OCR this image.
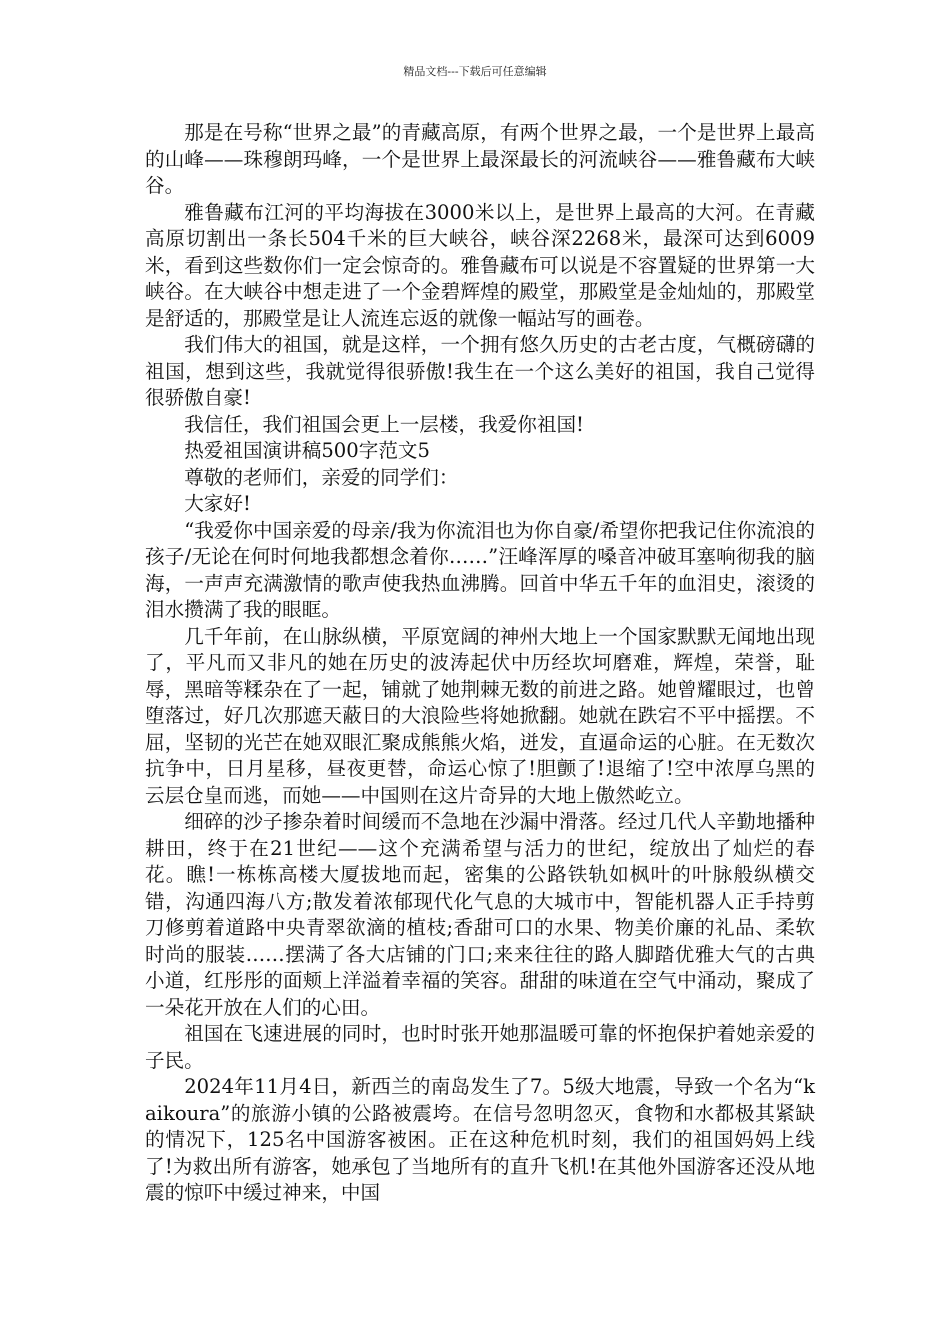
精品文档---下载后可任意编辑

那是在号称“世界之最”的青藏高原，有两个世界之最，一个是世界上最高的山峰——珠穆朗玛峰，一个是世界上最深最长的河流峡谷——雅鲁藏布大峡谷。

雅鲁藏布江河的平均海拔在3000米以上，是世界上最高的大河。在青藏高原切割出一条长504千米的巨大峡谷，峡谷深2268米，最深可达到6009米，看到这些数你们一定会惊奇的。雅鲁藏布可以说是不容置疑的世界第一大峡谷。在大峡谷中想走进了一个金碧辉煌的殿堂，那殿堂是金灿灿的，那殿堂是舒适的，那殿堂是让人流连忘返的就像一幅站写的画卷。

我们伟大的祖国，就是这样，一个拥有悠久历史的古老古度，气概磅礴的祖国，想到这些，我就觉得很骄傲!我生在一个这么美好的祖国，我自己觉得很骄傲自豪!

我信任，我们祖国会更上一层楼，我爱你祖国!

热爱祖国演讲稿500字范文5

尊敬的老师们，亲爱的同学们：

大家好!

“我爱你中国亲爱的母亲/我为你流泪也为你自豪/希望你把我记住你流浪的孩子/无论在何时何地我都想念着你……”汪峰浑厚的嗓音冲破耳塞响彻我的脑海，一声声充满激情的歌声使我热血沸腾。回首中华五千年的血泪史，滚烫的泪水攒满了我的眼眶。

几千年前，在山脉纵横，平原宽阔的神州大地上一个国家默默无闻地出现了，平凡而又非凡的她在历史的波涛起伏中历经坎坷磨难，辉煌，荣誉，耻辱，黑暗等糅杂在了一起，铺就了她荆棘无数的前进之路。她曾耀眼过，也曾堕落过，好几次那遮天蔽日的大浪险些将她掀翻。她就在跌宕不平中摇摆。不屈，坚韧的光芒在她双眼汇聚成熊熊火焰，迸发，直逼命运的心脏。在无数次抗争中，日月星移，昼夜更替，命运心惊了!胆颤了!退缩了!空中浓厚乌黑的云层仓皇而逃，而她——中国则在这片奇异的大地上傲然屹立。

细碎的沙子掺杂着时间缓而不急地在沙漏中滑落。经过几代人辛勤地播种耕田，终于在21世纪——这个充满希望与活力的世纪，绽放出了灿烂的春花。瞧!一栋栋高楼大厦拔地而起，密集的公路铁轨如枫叶的叶脉般纵横交错，沟通四海八方;散发着浓郁现代化气息的大城市中，智能机器人正手持剪刀修剪着道路中央青翠欲滴的植枝;香甜可口的水果、物美价廉的礼品、柔软时尚的服装……摆满了各大店铺的门口;来来往往的路人脚踏优雅大气的古典小道，红彤彤的面颊上洋溢着幸福的笑容。甜甜的味道在空气中涌动，聚成了一朵花开放在人们的心田。

祖国在飞速进展的同时，也时时张开她那温暖可靠的怀抱保护着她亲爱的子民。

2024年11月4日，新西兰的南岛发生了7。5级大地震，导致一个名为“kaikoura”的旅游小镇的公路被震垮。在信号忽明忽灭，食物和水都极其紧缺的情况下，125名中国游客被困。正在这种危机时刻，我们的祖国妈妈上线了!为救出所有游客，她承包了当地所有的直升飞机!在其他外国游客还没从地震的惊吓中缓过神来，中国
